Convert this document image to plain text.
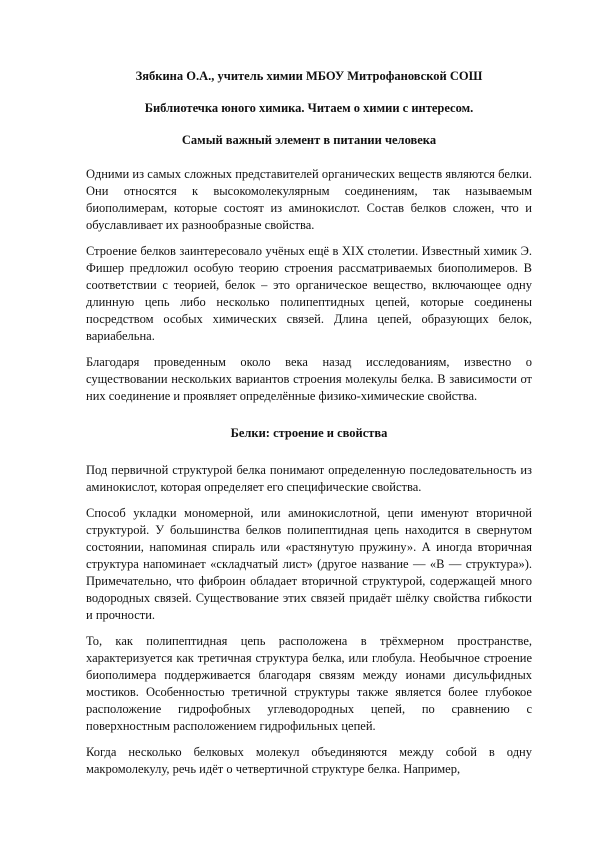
Зябкина О.А., учитель химии МБОУ Митрофановской СОШ

Библиотечка юного химика. Читаем о химии с интересом.

Самый важный элемент в питании человека

Одними из самых сложных представителей органических веществ являются белки. Они относятся к высокомолекулярным соединениям, так называемым биополимерам, которые состоят из аминокислот. Состав белков сложен, что и обуславливает их разнообразные свойства.

Строение белков заинтересовало учёных ещё в XIX столетии. Известный химик Э. Фишер предложил особую теорию строения рассматриваемых биополимеров. В соответствии с теорией, белок – это органическое вещество, включающее одну длинную цепь либо несколько полипептидных цепей, которые соединены посредством особых химических связей. Длина цепей, образующих белок, вариабельна.

Благодаря проведенным около века назад исследованиям, известно о существовании нескольких вариантов строения молекулы белка. В зависимости от них соединение и проявляет определённые физико-химические свойства.

Белки: строение и свойства

Под первичной структурой белка понимают определенную последовательность из аминокислот, которая определяет его специфические свойства.

Способ укладки мономерной, или аминокислотной, цепи именуют вторичной структурой. У большинства белков полипептидная цепь находится в свернутом состоянии, напоминая спираль или «растянутую пружину». А иногда вторичная структура напоминает «складчатый лист» (другое название — «В — структура»). Примечательно, что фиброин обладает вторичной структурой, содержащей много водородных связей. Существование этих связей придаёт шёлку свойства гибкости и прочности.

То, как полипептидная цепь расположена в трёхмерном пространстве, характеризуется как третичная структура белка, или глобула. Необычное строение биополимера поддерживается благодаря связям между ионами дисульфидных мостиков. Особенностью третичной структуры также является более глубокое расположение гидрофобных углеводородных цепей, по сравнению с поверхностным расположением гидрофильных цепей.

Когда несколько белковых молекул объединяются между собой в одну макромолекулу, речь идёт о четвертичной структуре белка. Например,
